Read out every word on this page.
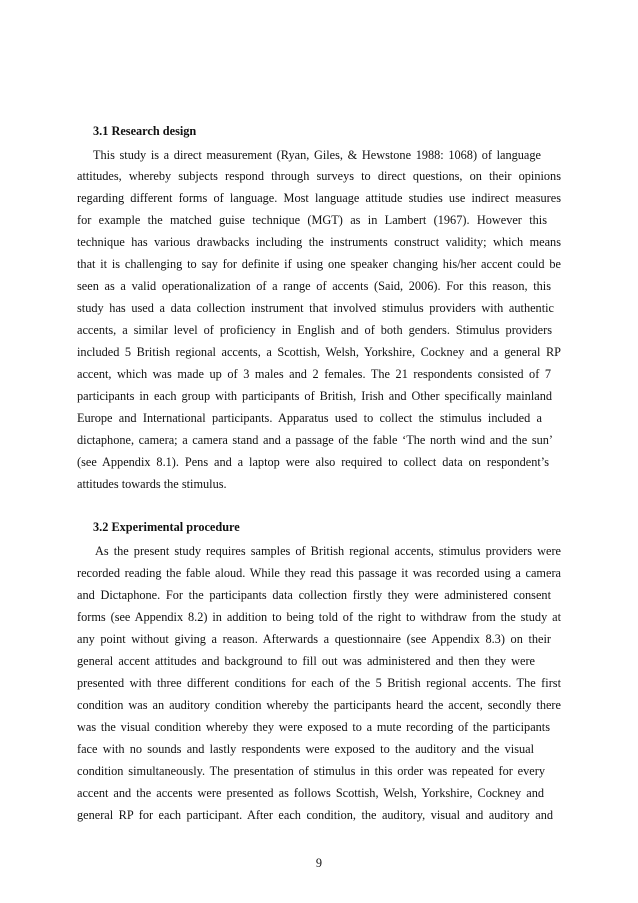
3.1 Research design
This study is a direct measurement (Ryan, Giles, & Hewstone 1988: 1068) of language
attitudes, whereby subjects respond through surveys to direct questions, on their opinions
regarding different forms of language. Most language attitude studies use indirect measures
for example the matched guise technique (MGT) as in Lambert (1967). However this
technique has various drawbacks including the instruments construct validity; which means
that it is challenging to say for definite if using one speaker changing his/her accent could be
seen as a valid operationalization of a range of accents (Said, 2006). For this reason, this
study has used a data collection instrument that involved stimulus providers with authentic
accents, a similar level of proficiency in English and of both genders. Stimulus providers
included 5 British regional accents, a Scottish, Welsh, Yorkshire, Cockney and a general RP
accent, which was made up of 3 males and 2 females. The 21 respondents consisted of 7
participants in each group with participants of British, Irish and Other specifically mainland
Europe and International participants. Apparatus used to collect the stimulus included a
dictaphone, camera; a camera stand and a passage of the fable ‘The north wind and the sun’
(see Appendix 8.1). Pens and a laptop were also required to collect data on respondent’s
attitudes towards the stimulus.
3.2 Experimental procedure
As the present study requires samples of British regional accents, stimulus providers were
recorded reading the fable aloud. While they read this passage it was recorded using a camera
and Dictaphone. For the participants data collection firstly they were administered consent
forms (see Appendix 8.2) in addition to being told of the right to withdraw from the study at
any point without giving a reason. Afterwards a questionnaire (see Appendix 8.3) on their
general accent attitudes and background to fill out was administered and then they were
presented with three different conditions for each of the 5 British regional accents. The first
condition was an auditory condition whereby the participants heard the accent, secondly there
was the visual condition whereby they were exposed to a mute recording of the participants
face with no sounds and lastly respondents were exposed to the auditory and the visual
condition simultaneously. The presentation of stimulus in this order was repeated for every
accent and the accents were presented as follows Scottish, Welsh, Yorkshire, Cockney and
general RP for each participant. After each condition, the auditory, visual and auditory and
9
